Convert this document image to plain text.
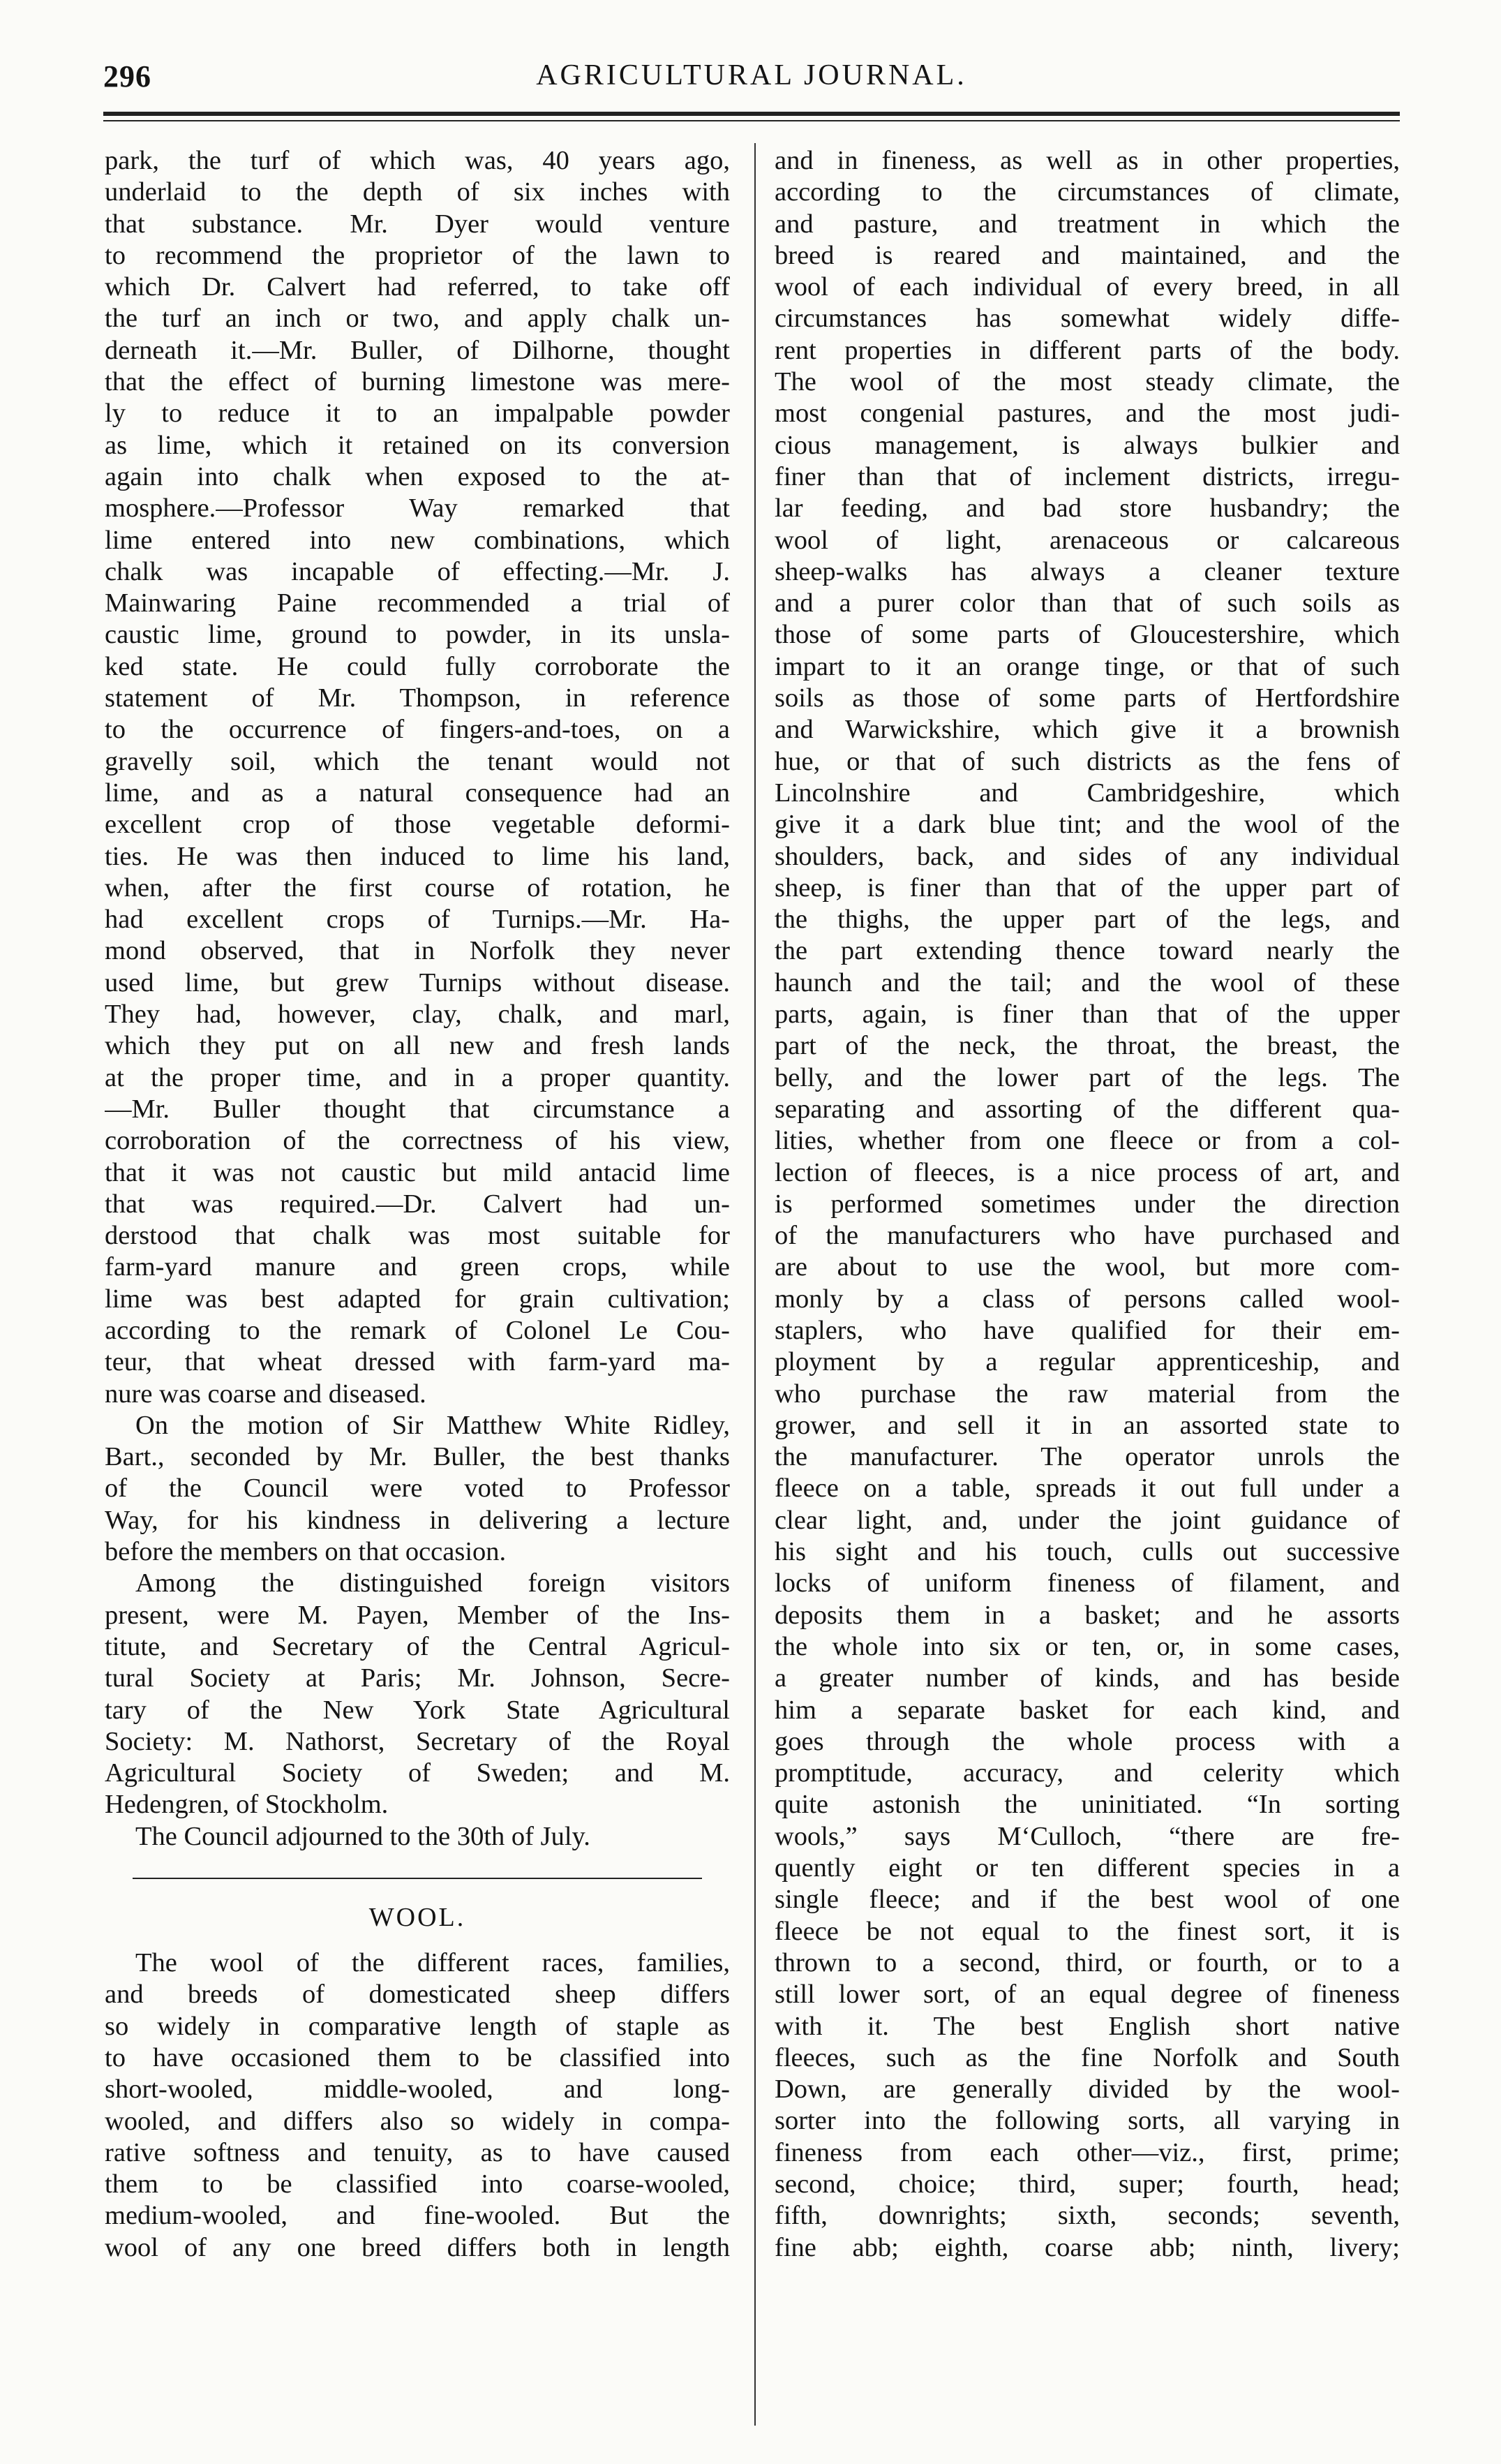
296	AGRICULTURAL JOURNAL.
park, the turf of which was, 40 years ago,
underlaid to the depth of six inches with
that substance. Mr. Dyer would venture
to recommend the proprietor of the lawn to
which Dr. Calvert had referred, to take off
the turf an inch or two, and apply chalk un-
derneath it.—Mr. Buller, of Dilhorne, thought
that the effect of burning limestone was mere-
ly to reduce it to an impalpable powder
as lime, which it retained on its conversion
again into chalk when exposed to the at-
mosphere.—Professor Way remarked that
lime entered into new combinations, which
chalk was incapable of effecting.—Mr. J.
Mainwaring Paine recommended a trial of
caustic lime, ground to powder, in its unsla-
ked state. He could fully corroborate the
statement of Mr. Thompson, in reference
to the occurrence of fingers-and-toes, on a
gravelly soil, which the tenant would not
lime, and as a natural consequence had an
excellent crop of those vegetable deformi-
ties. He was then induced to lime his land,
when, after the first course of rotation, he
had excellent crops of Turnips.—Mr. Ha-
mond observed, that in Norfolk they never
used lime, but grew Turnips without disease.
They had, however, clay, chalk, and marl,
which they put on all new and fresh lands
at the proper time, and in a proper quantity.
—Mr. Buller thought that circumstance a
corroboration of the correctness of his view,
that it was not caustic but mild antacid lime
that was required.—Dr. Calvert had un-
derstood that chalk was most suitable for
farm-yard manure and green crops, while
lime was best adapted for grain cultivation;
according to the remark of Colonel Le Cou-
teur, that wheat dressed with farm-yard ma-
nure was coarse and diseased.
On the motion of Sir Matthew White Ridley,
Bart., seconded by Mr. Buller, the best thanks
of the Council were voted to Professor
Way, for his kindness in delivering a lecture
before the members on that occasion.
Among the distinguished foreign visitors
present, were M. Payen, Member of the Ins-
titute, and Secretary of the Central Agricul-
tural Society at Paris; Mr. Johnson, Secre-
tary of the New York State Agricultural
Society: M. Nathorst, Secretary of the Royal
Agricultural Society of Sweden; and M.
Hedengren, of Stockholm.
The Council adjourned to the 30th of July.
WOOL.
The wool of the different races, families,
and breeds of domesticated sheep differs
so widely in comparative length of staple as
to have occasioned them to be classified into
short-wooled, middle-wooled, and long-
wooled, and differs also so widely in compa-
rative softness and tenuity, as to have caused
them to be classified into coarse-wooled,
medium-wooled, and fine-wooled. But the
wool of any one breed differs both in length
and in fineness, as well as in other properties,
according to the circumstances of climate,
and pasture, and treatment in which the
breed is reared and maintained, and the
wool of each individual of every breed, in all
circumstances has somewhat widely diffe-
rent properties in different parts of the body.
The wool of the most steady climate, the
most congenial pastures, and the most judi-
cious management, is always bulkier and
finer than that of inclement districts, irregu-
lar feeding, and bad store husbandry; the
wool of light, arenaceous or calcareous
sheep-walks has always a cleaner texture
and a purer color than that of such soils as
those of some parts of Gloucestershire, which
impart to it an orange tinge, or that of such
soils as those of some parts of Hertfordshire
and Warwickshire, which give it a brownish
hue, or that of such districts as the fens of
Lincolnshire and Cambridgeshire, which
give it a dark blue tint; and the wool of the
shoulders, back, and sides of any individual
sheep, is finer than that of the upper part of
the thighs, the upper part of the legs, and
the part extending thence toward nearly the
haunch and the tail; and the wool of these
parts, again, is finer than that of the upper
part of the neck, the throat, the breast, the
belly, and the lower part of the legs. The
separating and assorting of the different qua-
lities, whether from one fleece or from a col-
lection of fleeces, is a nice process of art, and
is performed sometimes under the direction
of the manufacturers who have purchased and
are about to use the wool, but more com-
monly by a class of persons called wool-
staplers, who have qualified for their em-
ployment by a regular apprenticeship, and
who purchase the raw material from the
grower, and sell it in an assorted state to
the manufacturer. The operator unrols the
fleece on a table, spreads it out full under a
clear light, and, under the joint guidance of
his sight and his touch, culls out successive
locks of uniform fineness of filament, and
deposits them in a basket; and he assorts
the whole into six or ten, or, in some cases,
a greater number of kinds, and has beside
him a separate basket for each kind, and
goes through the whole process with a
promptitude, accuracy, and celerity which
quite astonish the uninitiated. “In sorting
wools,” says M‘Culloch, “there are fre-
quently eight or ten different species in a
single fleece; and if the best wool of one
fleece be not equal to the finest sort, it is
thrown to a second, third, or fourth, or to a
still lower sort, of an equal degree of fineness
with it. The best English short native
fleeces, such as the fine Norfolk and South
Down, are generally divided by the wool-
sorter into the following sorts, all varying in
fineness from each other—viz., first, prime;
second, choice; third, super; fourth, head;
fifth, downrights; sixth, seconds; seventh,
fine abb; eighth, coarse abb; ninth, livery;
